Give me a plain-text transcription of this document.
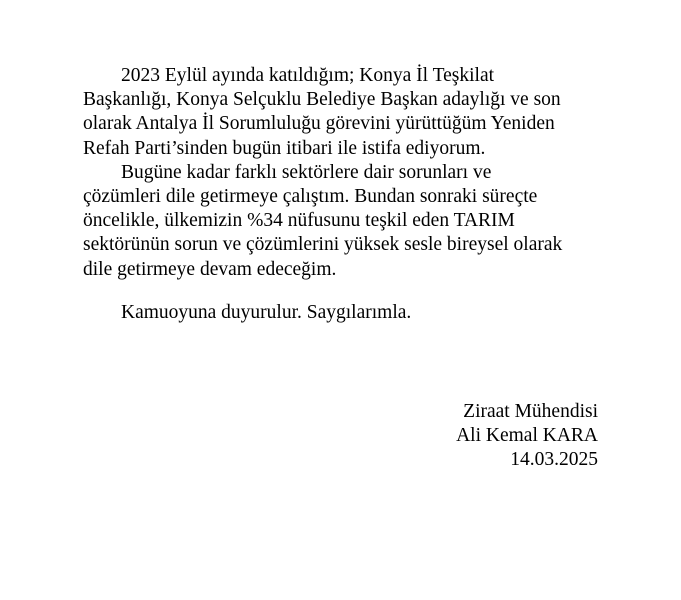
2023 Eylül ayında katıldığım; Konya İl Teşkilat
Başkanlığı, Konya Selçuklu Belediye Başkan adaylığı ve son
olarak Antalya İl Sorumluluğu görevini yürüttüğüm Yeniden
Refah Parti’sinden bugün itibari ile istifa ediyorum.

Bugüne kadar farklı sektörlere dair sorunları ve
çözümleri dile getirmeye çalıştım. Bundan sonraki süreçte
öncelikle, ülkemizin %34 nüfusunu teşkil eden TARIM
sektörünün sorun ve çözümlerini yüksek sesle bireysel olarak
dile getirmeye devam edeceğim.

Kamuoyuna duyurulur. Saygılarımla.
Ziraat Mühendisi
Ali Kemal KARA
14.03.2025
